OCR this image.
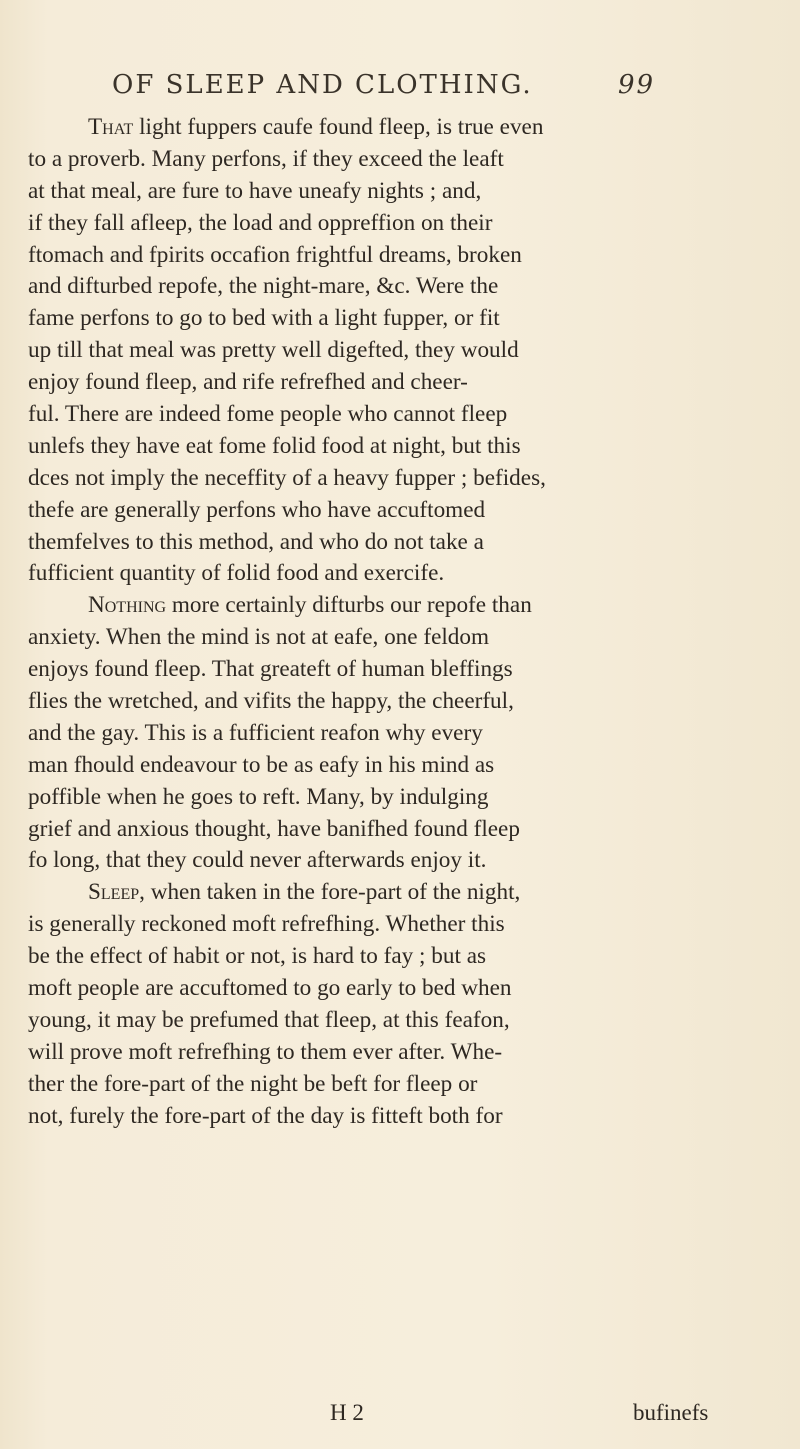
OF SLEEP AND CLOTHING.	99
That light fuppers caufe found fleep, is true even
to a proverb. Many perfons, if they exceed the leaft
at that meal, are fure to have uneafy nights ; and,
if they fall afleep, the load and oppreffion on their
ftomach and fpirits occafion frightful dreams, broken
and difturbed repofe, the night-mare, &c. Were the
fame perfons to go to bed with a light fupper, or fit
up till that meal was pretty well digefted, they would
enjoy found fleep, and rife refrefhed and cheer-
ful. There are indeed fome people who cannot fleep
unlefs they have eat fome folid food at night, but this
dces not imply the neceffity of a heavy fupper ; befides,
thefe are generally perfons who have accuftomed
themfelves to this method, and who do not take a
fufficient quantity of folid food and exercife.
Nothing more certainly difturbs our repofe than
anxiety. When the mind is not at eafe, one feldom
enjoys found fleep. That greateft of human bleffings
flies the wretched, and vifits the happy, the cheerful,
and the gay. This is a fufficient reafon why every
man fhould endeavour to be as eafy in his mind as
poffible when he goes to reft. Many, by indulging
grief and anxious thought, have banifhed found fleep
fo long, that they could never afterwards enjoy it.
Sleep, when taken in the fore-part of the night,
is generally reckoned moft refrefhing. Whether this
be the effect of habit or not, is hard to fay ; but as
moft people are accuftomed to go early to bed when
young, it may be prefumed that fleep, at this feafon,
will prove moft refrefhing to them ever after. Whe-
ther the fore-part of the night be beft for fleep or
not, furely the fore-part of the day is fitteft both for
H 2	bufinefs
